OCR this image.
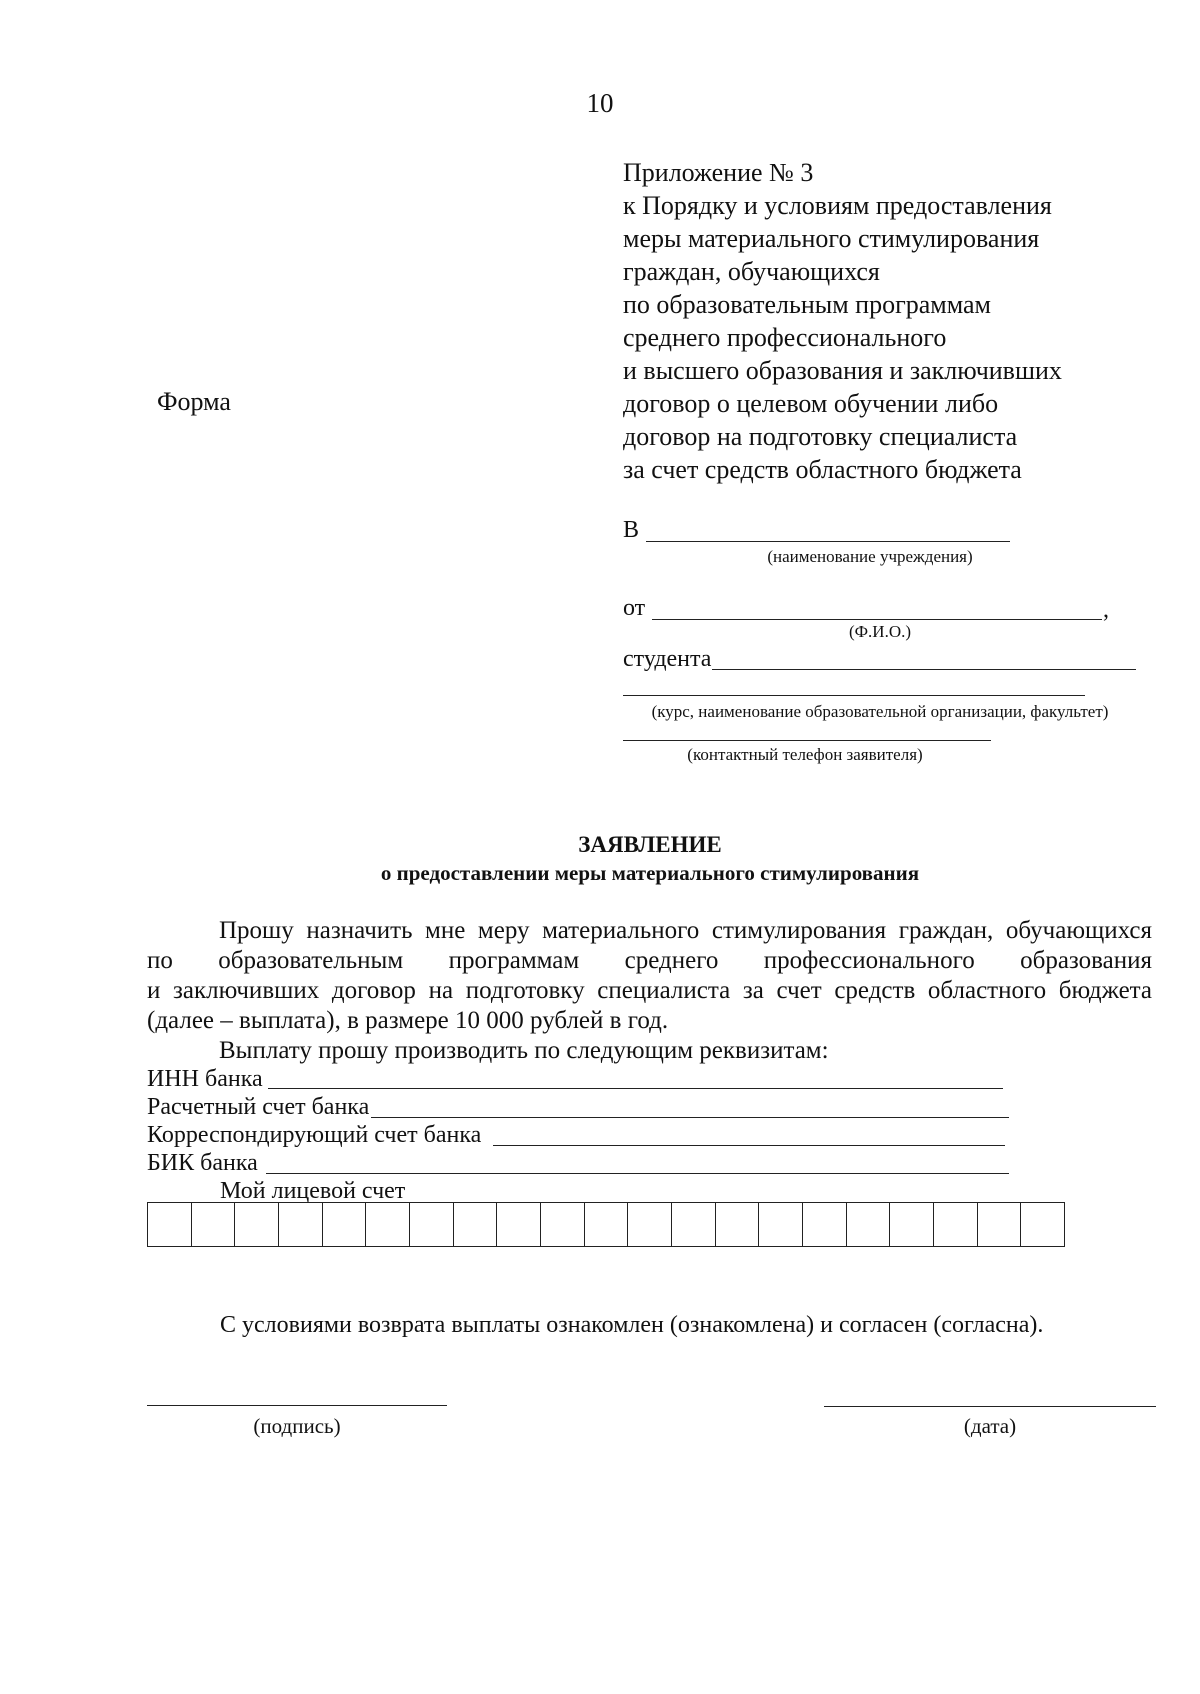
10
Приложение № 3
к Порядку и условиям предоставления
меры материального стимулирования
граждан, обучающихся
по образовательным программам
среднего профессионального
и высшего образования и заключивших
договор о целевом обучении либо
договор на подготовку специалиста
за счет средств областного бюджета
Форма
В
(наименование учреждения)
от	,
(Ф.И.О.)
студента
(курс, наименование образовательной организации, факультет)
(контактный телефон заявителя)
ЗАЯВЛЕНИЕ
о предоставлении меры материального стимулирования
Прошу назначить мне меру материального стимулирования граждан, обучающихся
по образовательным программам среднего профессионального образования
и заключивших договор на подготовку специалиста за счет средств областного бюджета
(далее – выплата), в размере 10 000 рублей в год.
Выплату прошу производить по следующим реквизитам:
ИНН банка
Расчетный счет банка
Корреспондирующий счет банка
БИК банка
Мой лицевой счет
С условиями возврата выплаты ознакомлен (ознакомлена) и согласен (согласна).
(подпись)	(дата)
